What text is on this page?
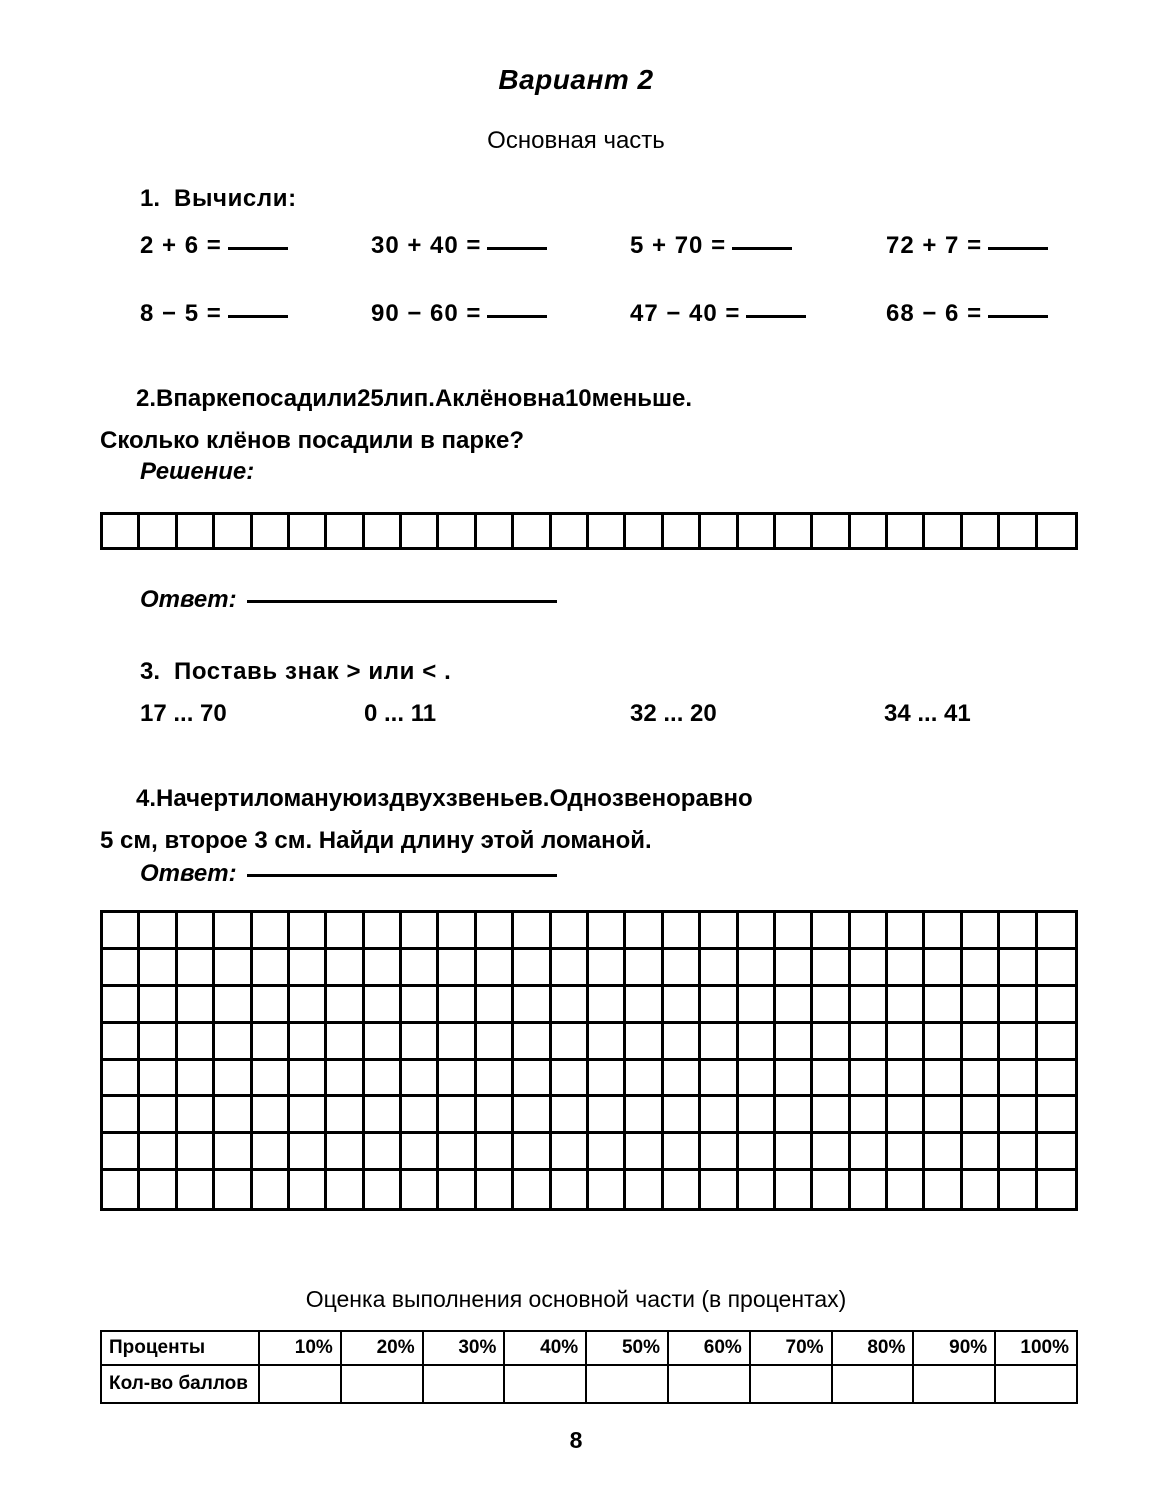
Вариант 2
Основная часть
1. Вычисли:
2 + 6 =	30 + 40 =	5 + 70 =	72 + 7 =
8 − 5 =	90 − 60 =	47 − 40 =	68 − 6 =
2.Впаркепосадили25лип.Аклёновна10меньше.
Сколько клёнов посадили в парке?
Решение:
Ответ:
3. Поставь знак > или < .
17 ... 70	0 ... 11	32 ... 20	34 ... 41
4.Начертиломануюиздвухзвеньев.Однозвеноравно
5 см, второе 3 см. Найди длину этой ломаной.
Ответ:
Оценка выполнения основной части (в процентах)
Проценты	10%	20%	30%	40%	50%	60%	70%	80%	90%	100%
Кол-во баллов										
8
